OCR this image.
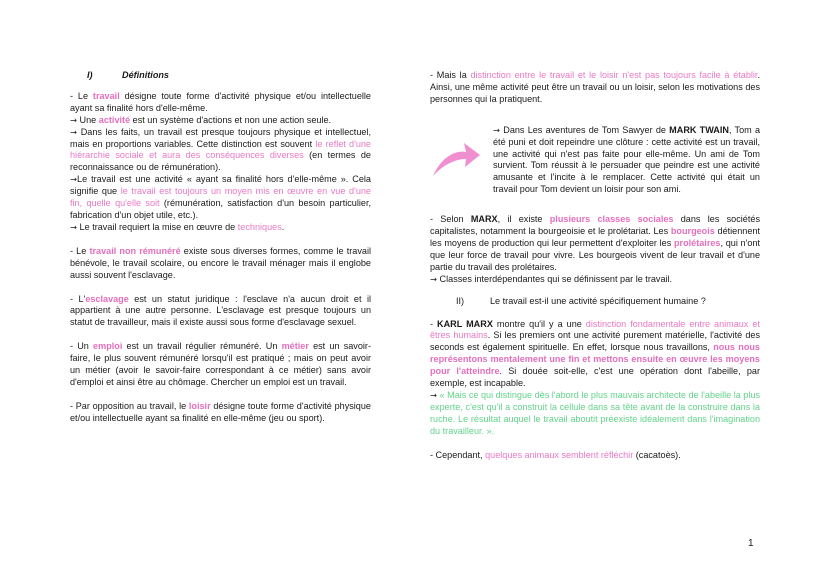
I)	Définitions

- Le travail désigne toute forme d'activité physique et/ou intellectuelle ayant sa finalité hors d'elle-même.

→ Une activité est un système d'actions et non une action seule.

→ Dans les faits, un travail est presque toujours physique et intellectuel, mais en proportions variables. Cette distinction est souvent le reflet d'une hiérarchie sociale et aura des conséquences diverses (en termes de reconnaissance ou de rémunération).

→Le travail est une activité « ayant sa finalité hors d'elle-même ». Cela signifie que le travail est toujours un moyen mis en œuvre en vue d'une fin, quelle qu'elle soit (rémunération, satisfaction d'un besoin particulier, fabrication d'un objet utile, etc.).

→ Le travail requiert la mise en œuvre de techniques.

- Le travail non rémunéré existe sous diverses formes, comme le travail bénévole, le travail scolaire, ou encore le travail ménager mais il englobe aussi souvent l'esclavage.

- L'esclavage est un statut juridique : l'esclave n'a aucun droit et il appartient à une autre personne. L'esclavage est presque toujours un statut de travailleur, mais il existe aussi sous forme d'esclavage sexuel.

- Un emploi est un travail régulier rémunéré. Un métier est un savoir-faire, le plus souvent rémunéré lorsqu'il est pratiqué ; mais on peut avoir un métier (avoir le savoir-faire correspondant à ce métier) sans avoir d'emploi et ainsi être au chômage. Chercher un emploi est un travail.

- Par opposition au travail, le loisir désigne toute forme d'activité physique et/ou intellectuelle ayant sa finalité en elle-même (jeu ou sport).

- Mais la distinction entre le travail et le loisir n'est pas toujours facile à établir. Ainsi, une même activité peut être un travail ou un loisir, selon les motivations des personnes qui la pratiquent.

→ Dans Les aventures de Tom Sawyer de MARK TWAIN, Tom a été puni et doit repeindre une clôture : cette activité est un travail, une activité qui n'est pas faite pour elle-même. Un ami de Tom survient. Tom réussit à le persuader que peindre est une activité amusante et l'incite à le remplacer. Cette activité qui était un travail pour Tom devient un loisir pour son ami.

- Selon MARX, il existe plusieurs classes sociales dans les sociétés capitalistes, notamment la bourgeoisie et le prolétariat. Les bourgeois détiennent les moyens de production qui leur permettent d'exploiter les prolétaires, qui n'ont que leur force de travail pour vivre. Les bourgeois vivent de leur travail et d'une partie du travail des prolétaires.

→ Classes interdépendantes qui se définissent par le travail.

II)	Le travail est-il une activité spécifiquement humaine ?

- KARL MARX montre qu'il y a une distinction fondamentale entre animaux et êtres humains. Si les premiers ont une activité purement matérielle, l'activité des seconds est également spirituelle. En effet, lorsque nous travaillons, nous nous représentons mentalement une fin et mettons ensuite en œuvre les moyens pour l'atteindre. Si douée soit-elle, c'est une opération dont l'abeille, par exemple, est incapable.

→ « Mais ce qui distingue dès l'abord le plus mauvais architecte de l'abeille la plus experte, c'est qu'il a construit la cellule dans sa tête avant de la construire dans la ruche. Le résultat auquel le travail aboutit préexiste idéalement dans l'imagination du travailleur. ».

- Cependant, quelques animaux semblent réfléchir (cacatoès).

1
